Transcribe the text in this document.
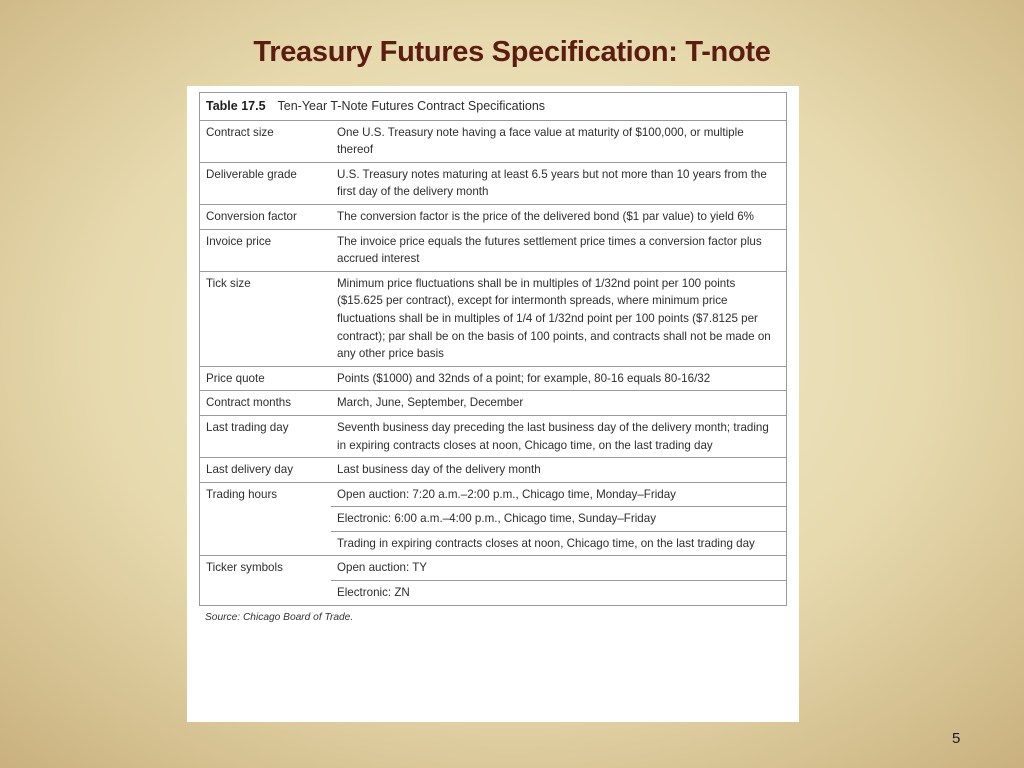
Treasury Futures Specification: T-note
Table 17.5 Ten-Year T-Note Futures Contract Specifications	
Contract size	One U.S. Treasury note having a face value at maturity of $100,000, or multiple thereof
Deliverable grade	U.S. Treasury notes maturing at least 6.5 years but not more than 10 years from the first day of the delivery month
Conversion factor	The conversion factor is the price of the delivered bond ($1 par value) to yield 6%
Invoice price	The invoice price equals the futures settlement price times a conversion factor plus accrued interest
Tick size	Minimum price fluctuations shall be in multiples of 1/32nd point per 100 points ($15.625 per contract), except for intermonth spreads, where minimum price fluctuations shall be in multiples of 1/4 of 1/32nd point per 100 points ($7.8125 per contract); par shall be on the basis of 100 points, and contracts shall not be made on any other price basis
Price quote	Points ($1000) and 32nds of a point; for example, 80-16 equals 80-16/32
Contract months	March, June, September, December
Last trading day	Seventh business day preceding the last business day of the delivery month; trading in expiring contracts closes at noon, Chicago time, on the last trading day
Last delivery day	Last business day of the delivery month
Trading hours	Open auction: 7:20 a.m.–2:00 p.m., Chicago time, Monday–Friday
	Electronic: 6:00 a.m.–4:00 p.m., Chicago time, Sunday–Friday
	Trading in expiring contracts closes at noon, Chicago time, on the last trading day
Ticker symbols	Open auction: TY
	Electronic: ZN
Source: Chicago Board of Trade.
5
